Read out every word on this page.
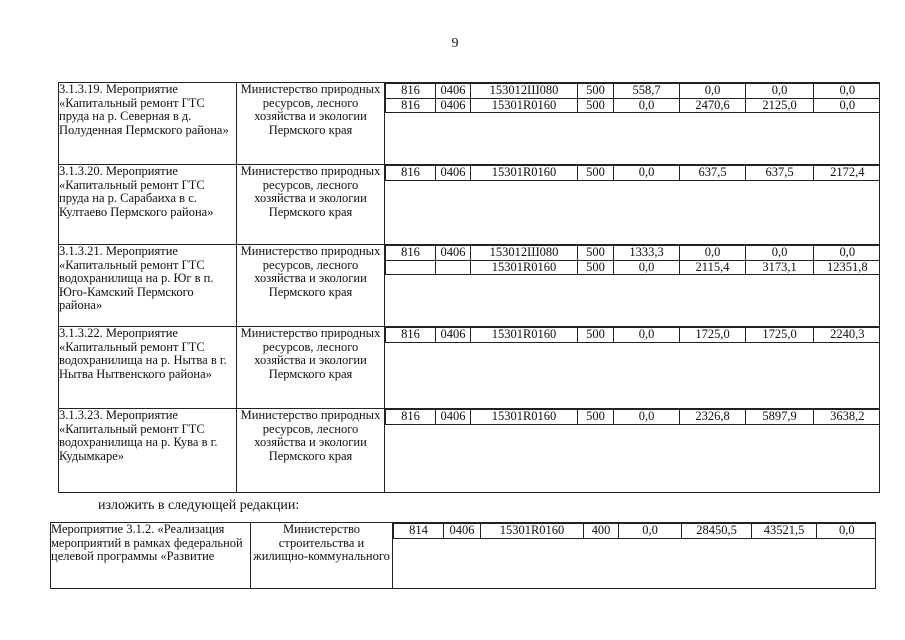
9
3.1.3.19. Мероприятие «Капитальный ремонт ГТС пруда на р. Северная в д. Полуденная Пермского района»	Министерство природных ресурсов, лесного хозяйства и экологии Пермского края	
816	0406	153012Ш080	500	558,7	0,0	0,0	0,0
816	0406	15301R0160	500	0,0	2470,6	2125,0	0,0

3.1.3.20. Мероприятие «Капитальный ремонт ГТС пруда на р. Сарабаиха в с. Култаево Пермского района»	Министерство природных ресурсов, лесного хозяйства и экологии Пермского края	
816	0406	15301R0160	500	0,0	637,5	637,5	2172,4

3.1.3.21. Мероприятие «Капитальный ремонт ГТС водохранилища на р. Юг в п. Юго-Камский Пермского района»	Министерство природных ресурсов, лесного хозяйства и экологии Пермского края	
816	0406	153012Ш080	500	1333,3	0,0	0,0	0,0
		15301R0160	500	0,0	2115,4	3173,1	12351,8

3.1.3.22. Мероприятие «Капитальный ремонт ГТС водохранилища на р. Нытва в г. Нытва Нытвенского района»	Министерство природных ресурсов, лесного хозяйства и экологии Пермского края	
816	0406	15301R0160	500	0,0	1725,0	1725,0	2240,3

3.1.3.23. Мероприятие «Капитальный ремонт ГТС водохранилища на р. Кува в г. Кудымкаре»	Министерство природных ресурсов, лесного хозяйства и экологии Пермского края	
816	0406	15301R0160	500	0,0	2326,8	5897,9	3638,2
изложить в следующей редакции:
Мероприятие 3.1.2. «Реализация мероприятий в рамках федеральной целевой программы «Развитие	Министерство строительства и жилищно-коммунального	
814	0406	15301R0160	400	0,0	28450,5	43521,5	0,0
